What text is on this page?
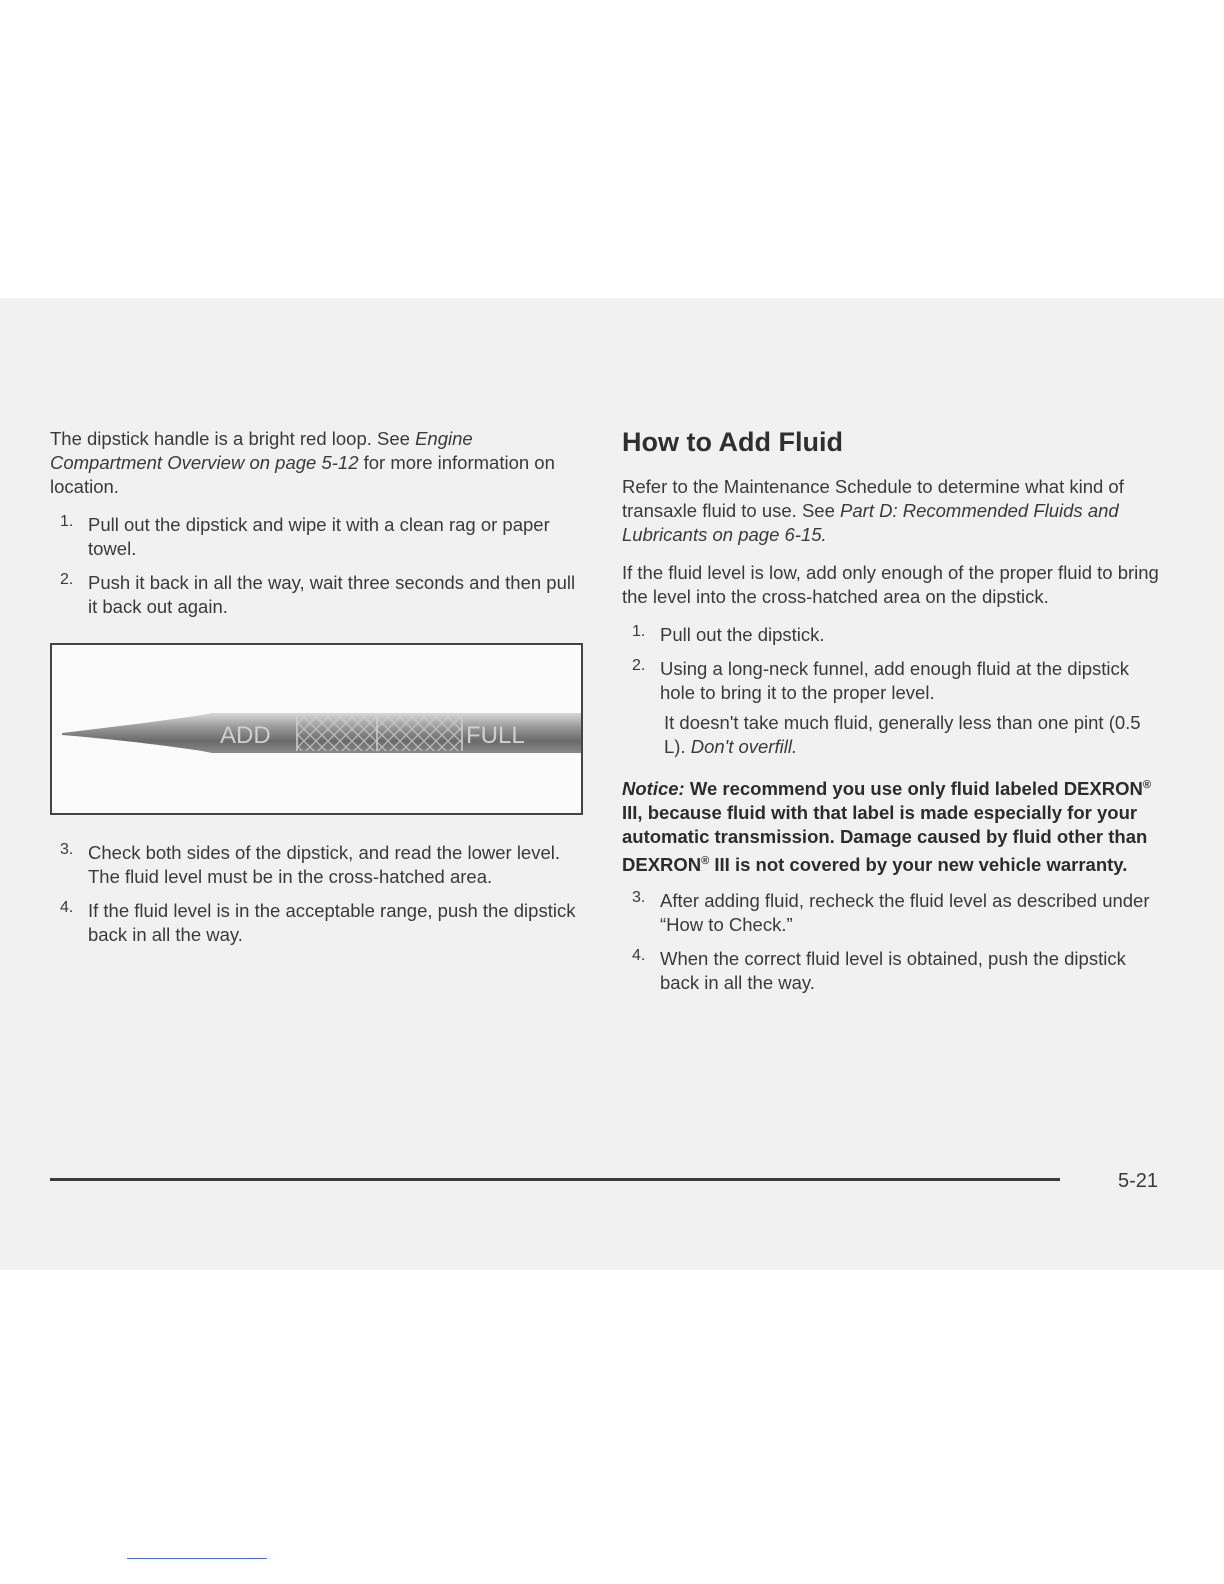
The dipstick handle is a bright red loop. See Engine Compartment Overview on page 5-12 for more information on location.

1. Pull out the dipstick and wipe it with a clean rag or paper towel.

2. Push it back in all the way, wait three seconds and then pull it back out again.

ADD	FULL
3. Check both sides of the dipstick, and read the lower level. The fluid level must be in the cross-hatched area.

4. If the fluid level is in the acceptable range, push the dipstick back in all the way.

How to Add Fluid

Refer to the Maintenance Schedule to determine what kind of transaxle fluid to use. See Part D: Recommended Fluids and Lubricants on page 6-15.

If the fluid level is low, add only enough of the proper fluid to bring the level into the cross-hatched area on the dipstick.

1. Pull out the dipstick.

2. Using a long-neck funnel, add enough fluid at the dipstick hole to bring it to the proper level.

It doesn't take much fluid, generally less than one pint (0.5 L). Don't overfill.

Notice: We recommend you use only fluid labeled DEXRON® III, because fluid with that label is made especially for your automatic transmission. Damage caused by fluid other than DEXRON® III is not covered by your new vehicle warranty.
3. After adding fluid, recheck the fluid level as described under “How to Check.”

4. When the correct fluid level is obtained, push the dipstick back in all the way.

5-21
